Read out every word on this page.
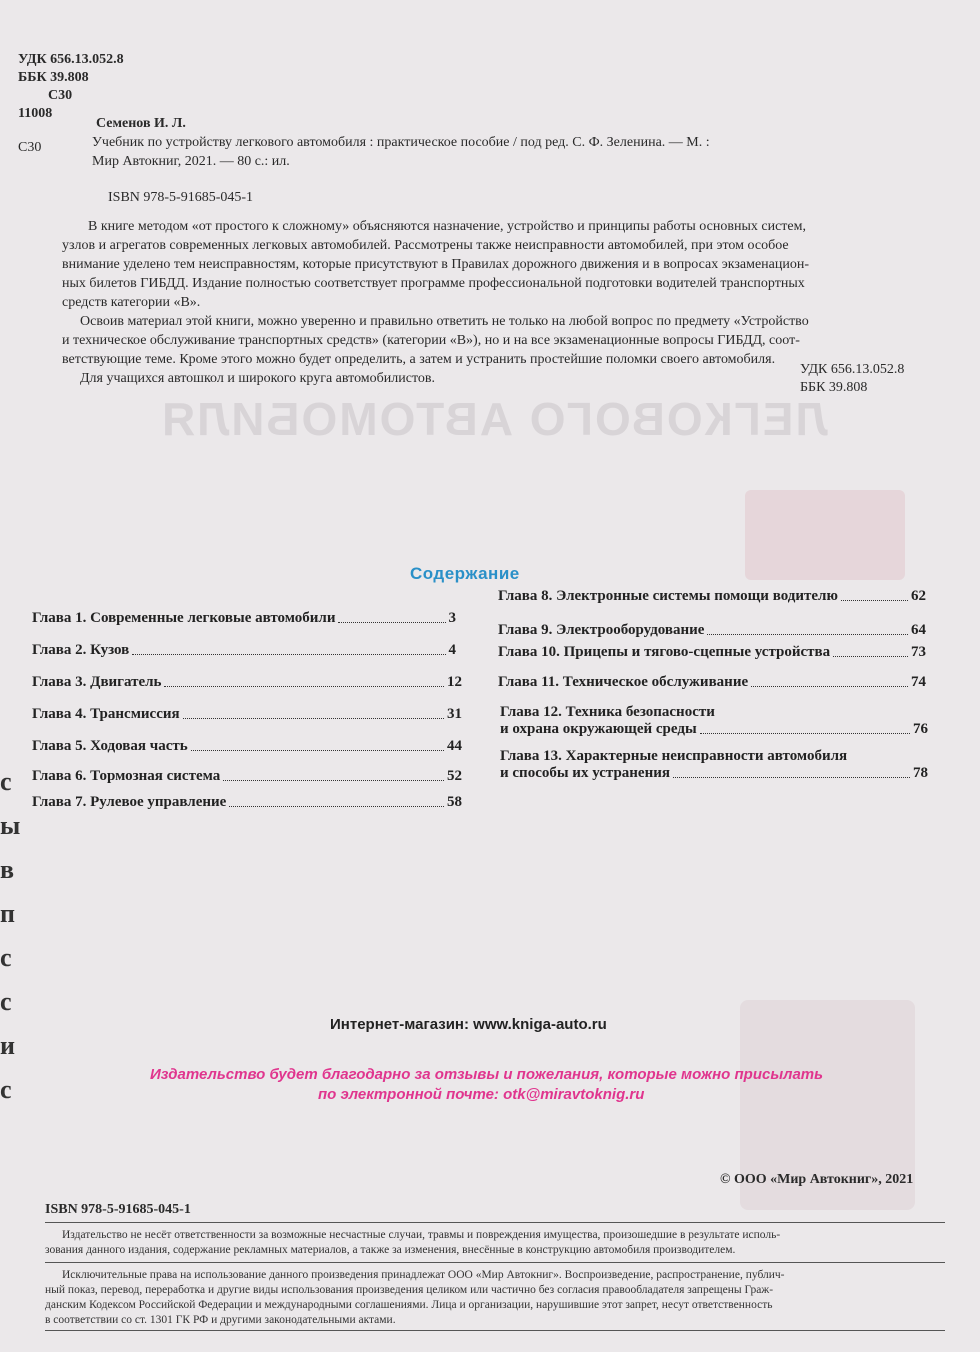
ЛЕГКОВОГО АВТОМОБИЛЯ
с
ы
в
п
с
с
и
с
УДК 656.13.052.8
ББК 39.808
С30
11008
С30
Семенов И. Л.
Учебник по устройству легкового автомобиля : практическое пособие / под ред. С. Ф. Зеленина. — М. :
Мир Автокниг, 2021. — 80 с.: ил.
ISBN 978-5-91685-045-1
В книге методом «от простого к сложному» объясняются назначение, устройство и принципы работы основных систем,
узлов и агрегатов современных легковых автомобилей. Рассмотрены также неисправности автомобилей, при этом особое
внимание уделено тем неисправностям, которые присутствуют в Правилах дорожного движения и в вопросах экзаменацион-
ных билетов ГИБДД. Издание полностью соответствует программе профессиональной подготовки водителей транспортных
средств категории «В».
Освоив материал этой книги, можно уверенно и правильно ответить не только на любой вопрос по предмету «Устройство
и техническое обслуживание транспортных средств» (категории «В»), но и на все экзаменационные вопросы ГИБДД, соот-
ветствующие теме. Кроме этого можно будет определить, а затем и устранить простейшие поломки своего автомобиля.
Для учащихся автошкол и широкого круга автомобилистов.
УДК 656.13.052.8
ББК 39.808
Содержание
Глава 1. Современные легковые автомобили	3
Глава 2. Кузов	4
Глава 3. Двигатель	12
Глава 4. Трансмиссия	31
Глава 5. Ходовая часть	44
Глава 6. Тормозная система	52
Глава 7. Рулевое управление	58
Глава 8. Электронные системы помощи водителю	62
Глава 9. Электрооборудование	64
Глава 10. Прицепы и тягово-сцепные устройства	73
Глава 11. Техническое обслуживание	74
Глава 12. Техника безопасности
и охрана окружающей среды	76
Глава 13. Характерные неисправности автомобиля
и способы их устранения	78
Интернет-магазин: www.kniga-auto.ru
Издательство будет благодарно за отзывы и пожелания, которые можно присылать
по электронной почте: otk@miravtoknig.ru
© ООО «Мир Автокниг», 2021
ISBN 978-5-91685-045-1
Издательство не несёт ответственности за возможные несчастные случаи, травмы и повреждения имущества, произошедшие в результате исполь-
зования данного издания, содержание рекламных материалов, а также за изменения, внесённые в конструкцию автомобиля производителем.
Исключительные права на использование данного произведения принадлежат ООО «Мир Автокниг». Воспроизведение, распространение, публич-
ный показ, перевод, переработка и другие виды использования произведения целиком или частично без согласия правообладателя запрещены Граж-
данским Кодексом Российской Федерации и международными соглашениями. Лица и организации, нарушившие этот запрет, несут ответственность
в соответствии со ст. 1301 ГК РФ и другими законодательными актами.
